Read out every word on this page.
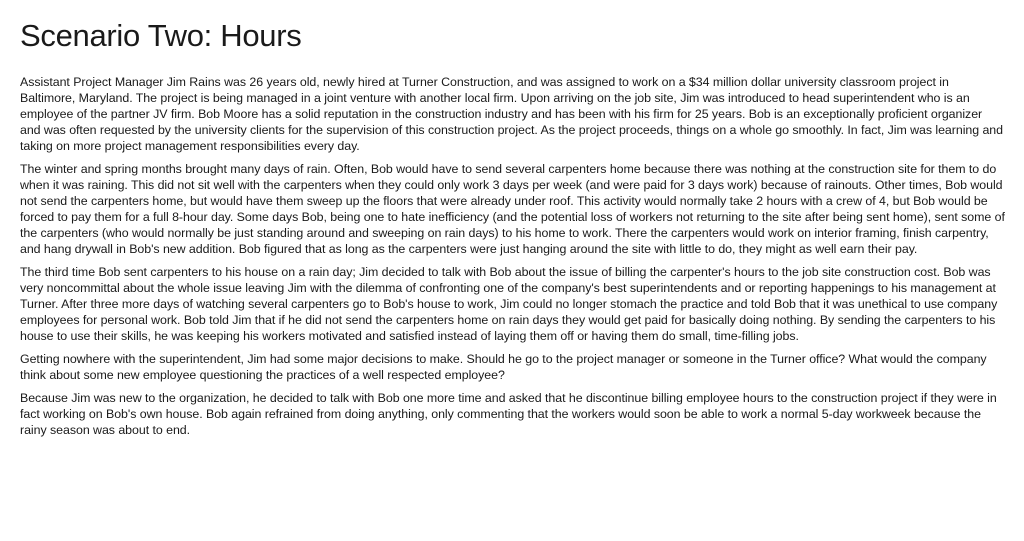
Scenario Two: Hours

Assistant Project Manager Jim Rains was 26 years old, newly hired at Turner Construction, and was assigned to work on a $34 million dollar university classroom project in Baltimore, Maryland. The project is being managed in a joint venture with another local firm. Upon arriving on the job site, Jim was introduced to head superintendent who is an employee of the partner JV firm. Bob Moore has a solid reputation in the construction industry and has been with his firm for 25 years. Bob is an exceptionally proficient organizer and was often requested by the university clients for the supervision of this construction project. As the project proceeds, things on a whole go smoothly. In fact, Jim was learning and taking on more project management responsibilities every day.

The winter and spring months brought many days of rain. Often, Bob would have to send several carpenters home because there was nothing at the construction site for them to do when it was raining. This did not sit well with the carpenters when they could only work 3 days per week (and were paid for 3 days work) because of rainouts. Other times, Bob would not send the carpenters home, but would have them sweep up the floors that were already under roof. This activity would normally take 2 hours with a crew of 4, but Bob would be forced to pay them for a full 8-hour day. Some days Bob, being one to hate inefficiency (and the potential loss of workers not returning to the site after being sent home), sent some of the carpenters (who would normally be just standing around and sweeping on rain days) to his home to work. There the carpenters would work on interior framing, finish carpentry, and hang drywall in Bob's new addition. Bob figured that as long as the carpenters were just hanging around the site with little to do, they might as well earn their pay.

The third time Bob sent carpenters to his house on a rain day; Jim decided to talk with Bob about the issue of billing the carpenter's hours to the job site construction cost. Bob was very noncommittal about the whole issue leaving Jim with the dilemma of confronting one of the company's best superintendents and or reporting happenings to his management at Turner. After three more days of watching several carpenters go to Bob's house to work, Jim could no longer stomach the practice and told Bob that it was unethical to use company employees for personal work. Bob told Jim that if he did not send the carpenters home on rain days they would get paid for basically doing nothing. By sending the carpenters to his house to use their skills, he was keeping his workers motivated and satisfied instead of laying them off or having them do small, time-filling jobs.

Getting nowhere with the superintendent, Jim had some major decisions to make. Should he go to the project manager or someone in the Turner office? What would the company think about some new employee questioning the practices of a well respected employee?

Because Jim was new to the organization, he decided to talk with Bob one more time and asked that he discontinue billing employee hours to the construction project if they were in fact working on Bob's own house. Bob again refrained from doing anything, only commenting that the workers would soon be able to work a normal 5-day workweek because the rainy season was about to end.
